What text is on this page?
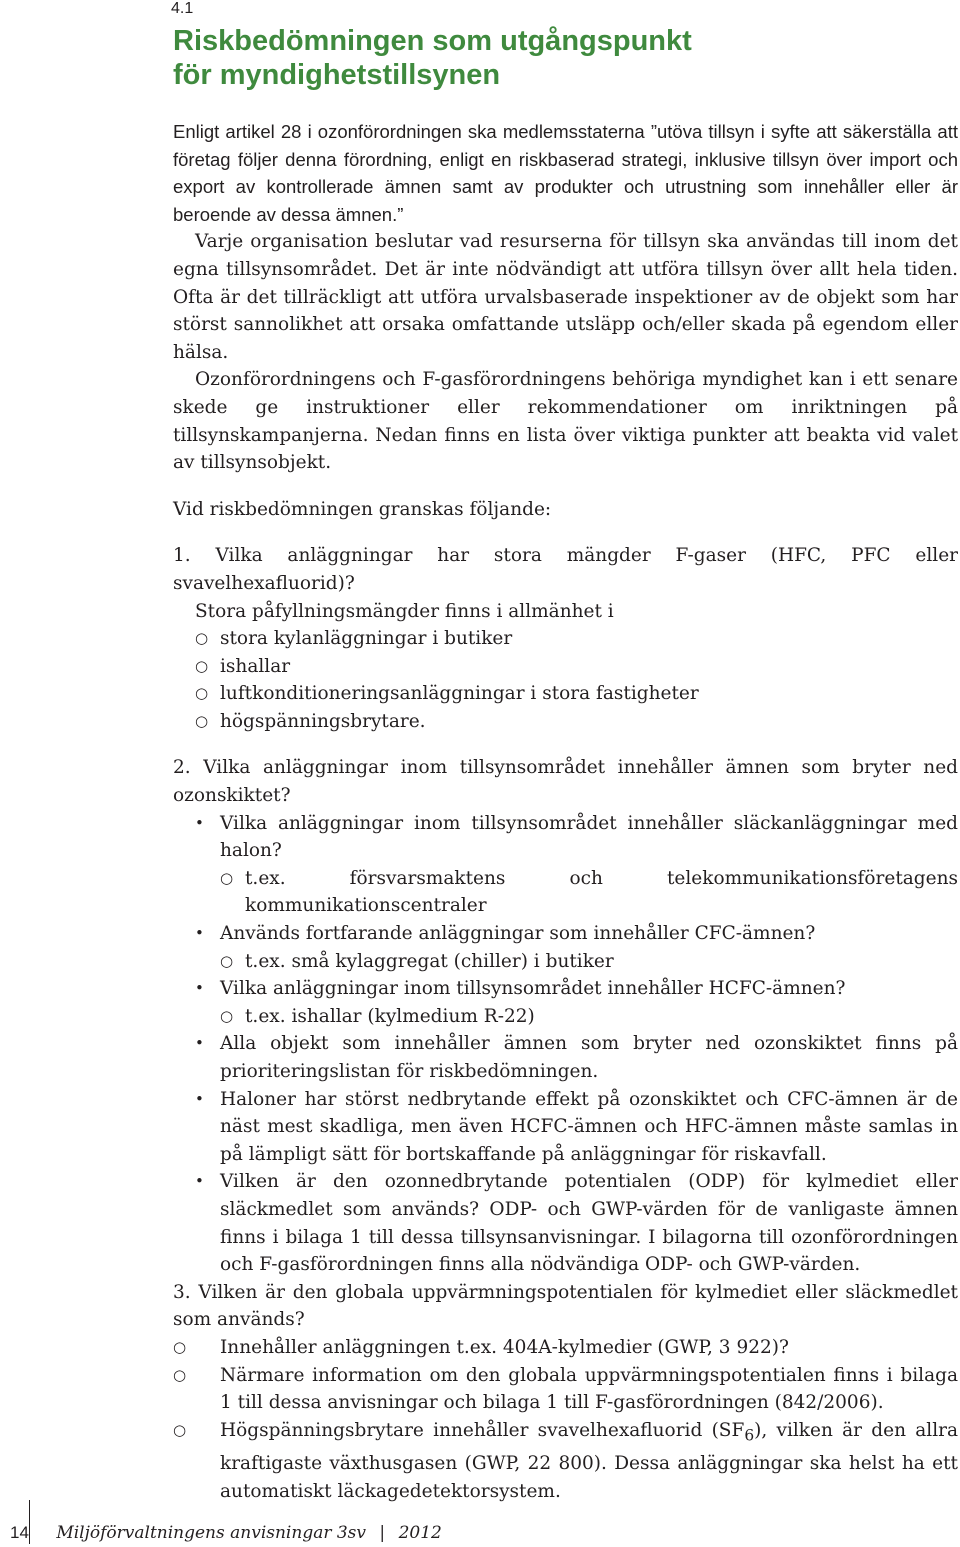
4.1
Riskbedömningen som utgångspunkt
för myndighetstillsynen

Enligt artikel 28 i ozonförordningen ska medlemsstaterna ”utöva tillsyn i syfte att säkerställa att företag följer denna förordning, enligt en riskbaserad strategi, inklusive tillsyn över import och export av kontrollerade ämnen samt av produkter och utrustning som innehåller eller är beroende av dessa ämnen.”

Varje organisation beslutar vad resurserna för tillsyn ska användas till inom det egna tillsynsområdet. Det är inte nödvändigt att utföra tillsyn över allt hela tiden. Ofta är det tillräckligt att utföra urvalsbaserade inspektioner av de objekt som har störst sannolikhet att orsaka omfattande utsläpp och/eller skada på egendom eller hälsa.

Ozonförordningens och F-gasförordningens behöriga myndighet kan i ett senare skede ge instruktioner eller rekommendationer om inriktningen på tillsynskampanjerna. Nedan finns en lista över viktiga punkter att beakta vid valet av tillsynsobjekt.

Vid riskbedömningen granskas följande:

1. Vilka anläggningar har stora mängder F-gaser (HFC, PFC eller svavelhexafluorid)?

Stora påfyllningsmängder finns i allmänhet i

○ stora kylanläggningar i butiker
○ ishallar
○ luftkonditioneringsanläggningar i stora fastigheter
○ högspänningsbrytare.

2. Vilka anläggningar inom tillsynsområdet innehåller ämnen som bryter ned ozonskiktet?

• Vilka anläggningar inom tillsynsområdet innehåller släckanläggningar med halon?

○ t.ex. försvarsmaktens och telekommunikationsföretagens kommunikationscentraler

• Används fortfarande anläggningar som innehåller CFC-ämnen?

○ t.ex. små kylaggregat (chiller) i butiker

• Vilka anläggningar inom tillsynsområdet innehåller HCFC-ämnen?

○ t.ex. ishallar (kylmedium R-22)

• Alla objekt som innehåller ämnen som bryter ned ozonskiktet finns på prioriteringslistan för riskbedömningen.

• Haloner har störst nedbrytande effekt på ozonskiktet och CFC-ämnen är de näst mest skadliga, men även HCFC-ämnen och HFC-ämnen måste samlas in på lämpligt sätt för bortskaffande på anläggningar för riskavfall.

• Vilken är den ozonnedbrytande potentialen (ODP) för kylmediet eller släckmedlet som används? ODP- och GWP-värden för de vanligaste ämnen finns i bilaga 1 till dessa tillsynsanvisningar. I bilagorna till ozonförordningen och F-gasförordningen finns alla nödvändiga ODP- och GWP-värden.

3. Vilken är den globala uppvärmningspotentialen för kylmediet eller släckmedlet som används?

○ Innehåller anläggningen t.ex. 404A-kylmedier (GWP, 3 922)?

○ Närmare information om den globala uppvärmningspotentialen finns i bilaga 1 till dessa anvisningar och bilaga 1 till F-gasförordningen (842/2006).

○ Högspänningsbrytare innehåller svavelhexafluorid $(SF_6)$, vilken är den allra kraftigaste växthusgasen (GWP, 22 800). Dessa anläggningar ska helst ha ett automatiskt läckagedetektorsystem.

14 Miljöförvaltningens anvisningar 3sv | 2012
